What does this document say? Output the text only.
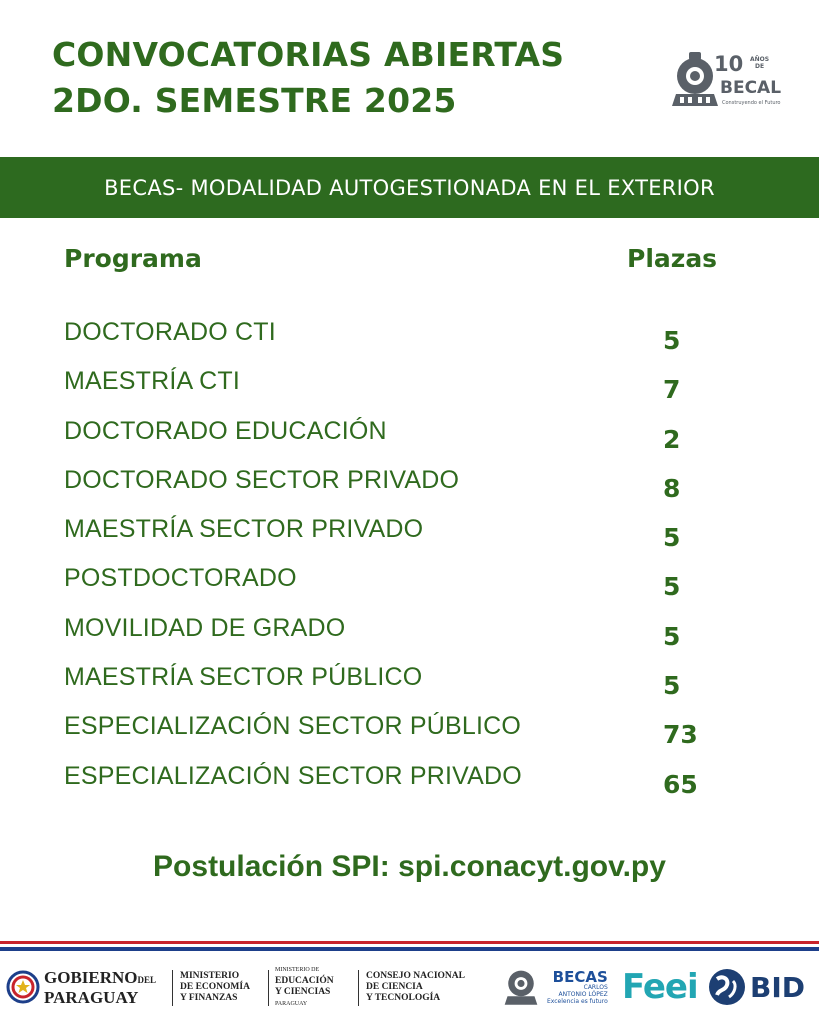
CONVOCATORIAS ABIERTAS
2DO. SEMESTRE 2025
10 AÑOS
DE
BECAL
Construyendo el Futuro
BECAS- MODALIDAD AUTOGESTIONADA EN EL EXTERIOR
Programa	Plazas
DOCTORADO CTI	5
MAESTRÍA CTI	7
DOCTORADO EDUCACIÓN	2
DOCTORADO SECTOR PRIVADO	8
MAESTRÍA SECTOR PRIVADO	5
POSTDOCTORADO	5
MOVILIDAD DE GRADO	5
MAESTRÍA SECTOR PÚBLICO	5
ESPECIALIZACIÓN SECTOR PÚBLICO	73
ESPECIALIZACIÓN SECTOR PRIVADO	65
Postulación SPI: spi.conacyt.gov.py
GOBIERNODEL
PARAGUAY
MINISTERIO
DE ECONOMÍA
Y FINANZAS
MINISTERIO DE
EDUCACIÓN
Y CIENCIAS
PARAGUAY
CONSEJO NACIONAL
DE CIENCIA
Y TECNOLOGÍA
BECAS
CARLOS
ANTONIO LÓPEZ
Excelencia es futuro Feei BID
